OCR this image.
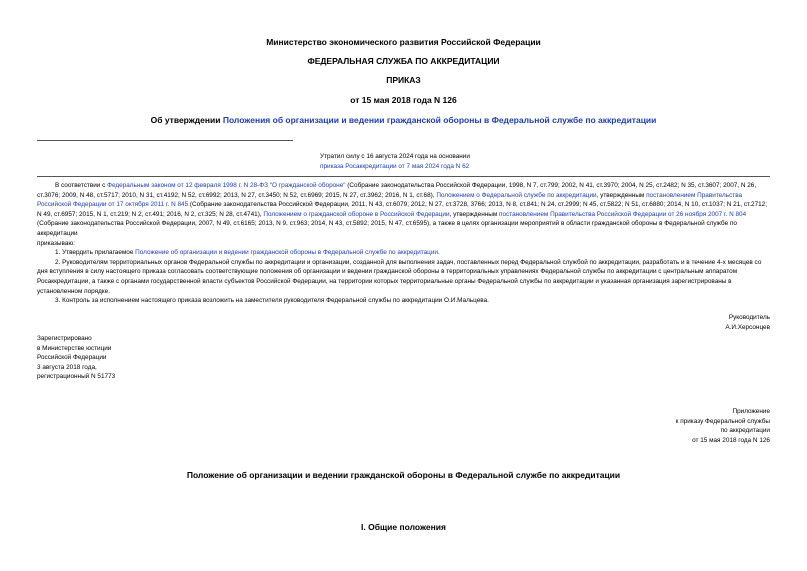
Министерство экономического развития Российской Федерации
ФЕДЕРАЛЬНАЯ СЛУЖБА ПО АККРЕДИТАЦИИ
ПРИКАЗ
от 15 мая 2018 года N 126
Об утверждении Положения об организации и ведении гражданской обороны в Федеральной службе по аккредитации
Утратил силу с 16 августа 2024 года на основании
приказа Росаккредитации от 7 мая 2024 года N 62

В соответствии с Федеральным законом от 12 февраля 1998 г. N 28-ФЗ "О гражданской обороне" (Собрание законодательства Российской Федерации, 1998, N 7, ст.799; 2002, N 41, ст.3970; 2004, N 25, ст.2482; N 35, ст.3607; 2007, N 26, ст.3076; 2009, N 48, ст.5717; 2010, N 31, ст.4192; N 52, ст.6992; 2013, N 27, ст.3450; N 52, ст.6969; 2015, N 27, ст.3962; 2016, N 1, ст.68), Положением о Федеральной службе по аккредитации, утвержденным постановлением Правительства Российской Федерации от 17 октября 2011 г. N 845 (Собрание законодательства Российской Федерации, 2011, N 43, ст.6079; 2012, N 27, ст.3728, 3766; 2013, N 8, ст.841; N 24, ст.2999; N 45, ст.5822; N 51, ст.6880; 2014, N 10, ст.1037; N 21, ст.2712; N 49, ст.6957; 2015, N 1, ст.219; N 2, ст.491; 2016, N 2, ст.325; N 28, ст.4741), Положением о гражданской обороне в Российской Федерации, утвержденным постановлением Правительства Российской Федерации от 26 ноября 2007 г. N 804 (Собрание законодательства Российской Федерации, 2007, N 49, ст.6165; 2013, N 9, ст.963; 2014, N 43, ст.5892; 2015, N 47, ст.6595), а также в целях организации мероприятий в области гражданской обороны в Федеральной службе по аккредитации

приказываю:

1. Утвердить прилагаемое Положение об организации и ведении гражданской обороны в Федеральной службе по аккредитации.

2. Руководителям территориальных органов Федеральной службы по аккредитации и организации, созданной для выполнения задач, поставленных перед Федеральной службой по аккредитации, разработать и в течение 4-х месяцев со дня вступления в силу настоящего приказа согласовать соответствующие положения об организации и ведении гражданской обороны в территориальных управлениях Федеральной службы по аккредитации с центральным аппаратом Росаккредитации, а также с органами государственной власти субъектов Российской Федерации, на территории которых территориальные органы Федеральной службы по аккредитации и указанная организация зарегистрированы в установленном порядке.

3. Контроль за исполнением настоящего приказа возложить на заместителя руководителя Федеральной службы по аккредитации О.И.Мальцева.

Руководитель
А.И.Херсонцев
Зарегистрировано
в Министерстве юстиции
Российской Федерации
3 августа 2018 года,
регистрационный N 51773
Приложение
к приказу Федеральной службы
по аккредитации
от 15 мая 2018 года N 126
Положение об организации и ведении гражданской обороны в Федеральной службе по аккредитации
I. Общие положения
